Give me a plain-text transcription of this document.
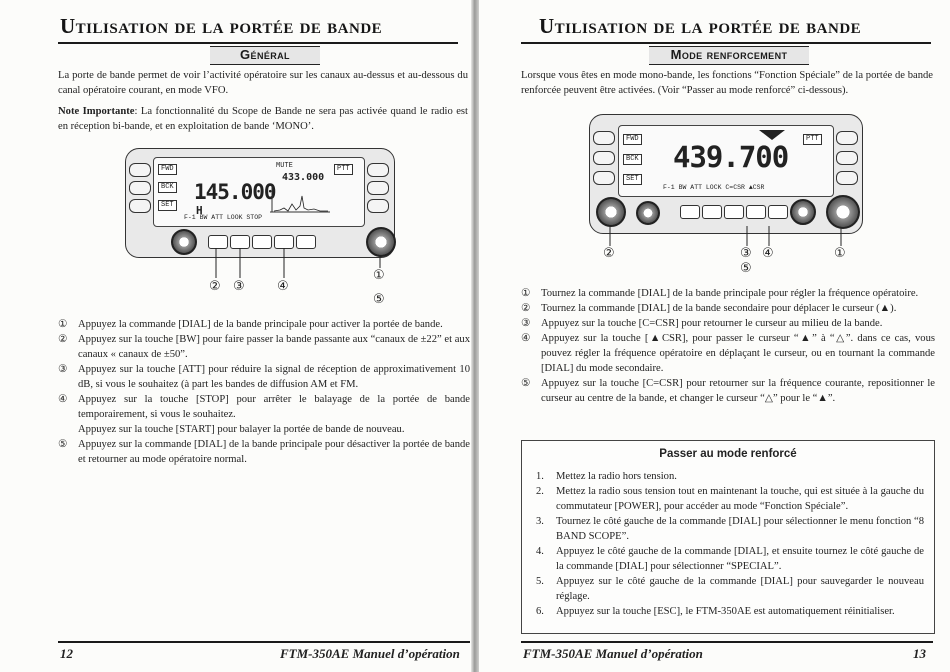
Utilisation de la portée de bande

Général

La porte de bande permet de voir l’activité opératoire sur les canaux au-dessus et au-dessous du canal opératoire courant, en mode VFO.

Note Importante: La fonctionnalité du Scope de Bande ne sera pas activée quand le radio est en réception bi-bande, et en exploitation de bande ‘MONO’.

FWD
BCK
SET
PTT
MUTE
145.000
H
433.000
F-1 BW ATT LOOK STOP
② ③ ④
①
⑤
① Appuyez la commande [DIAL] de la bande principale pour activer la portée de bande.
② Appuyez sur la touche [BW] pour faire passer la bande passante aux “canaux de ±22” et aux canaux « canaux de ±50”.
③ Appuyez sur la touche [ATT] pour réduire la signal de réception de approximativement 10 dB, si vous le souhaitez (à part les bandes de diffusion AM et FM.
④ Appuyez sur la touche [STOP] pour arrêter le balayage de la portée de bande temporairement, si vous le souhaitez.
Appuyez sur la touche [START] pour balayer la portée de bande de nouveau.
⑤ Appuyez sur la commande [DIAL] de la bande principale pour désactiver la portée de bande et retourner au mode opératoire normal.
12	FTM-350AE Manuel d’opération
Utilisation de la portée de bande

Mode renforcement

Lorsque vous êtes en mode mono-bande, les fonctions “Fonction Spéciale” de la portée de bande renforcée peuvent être activées. (Voir “Passer au mode renforcé” ci-dessous).

FWD
BCK
SET
PTT
439.700
F-1 BW ATT LOCK C=CSR ▲CSR
②	③ ④
⑤
①
① Tournez la commande [DIAL] de la bande principale pour régler la fréquence opératoire.
② Tournez la commande [DIAL] de la bande secondaire pour déplacer le curseur (▲).
③ Appuyez sur la touche [C=CSR] pour retourner le curseur au milieu de la bande.
④ Appuyez sur la touche [▲CSR], pour passer le curseur “▲” à “△”. dans ce cas, vous pouvez régler la fréquence opératoire en déplaçant le curseur, ou en tournant la commande [DIAL] du mode secondaire.
⑤ Appuyez sur la touche [C=CSR] pour retourner sur la fréquence courante, repositionner le curseur au centre de la bande, et changer le curseur “△” pour le “▲”.
Passer au mode renforcé
1. Mettez la radio hors tension.
2. Mettez la radio sous tension tout en maintenant la touche, qui est située à la gauche du commutateur [POWER], pour accéder au mode “Fonction Spéciale”.
3. Tournez le côté gauche de la commande [DIAL] pour sélectionner le menu fonction “8 BAND SCOPE”.
4. Appuyez le côté gauche de la commande [DIAL], et ensuite tournez le côté gauche de la commande [DIAL] pour sélectionner “SPECIAL”.
5. Appuyez sur le côté gauche de la commande [DIAL] pour sauvegarder le nouveau réglage.
6. Appuyez sur la touche [ESC], le FTM-350AE est automatiquement réinitialiser.
FTM-350AE Manuel d’opération	13
